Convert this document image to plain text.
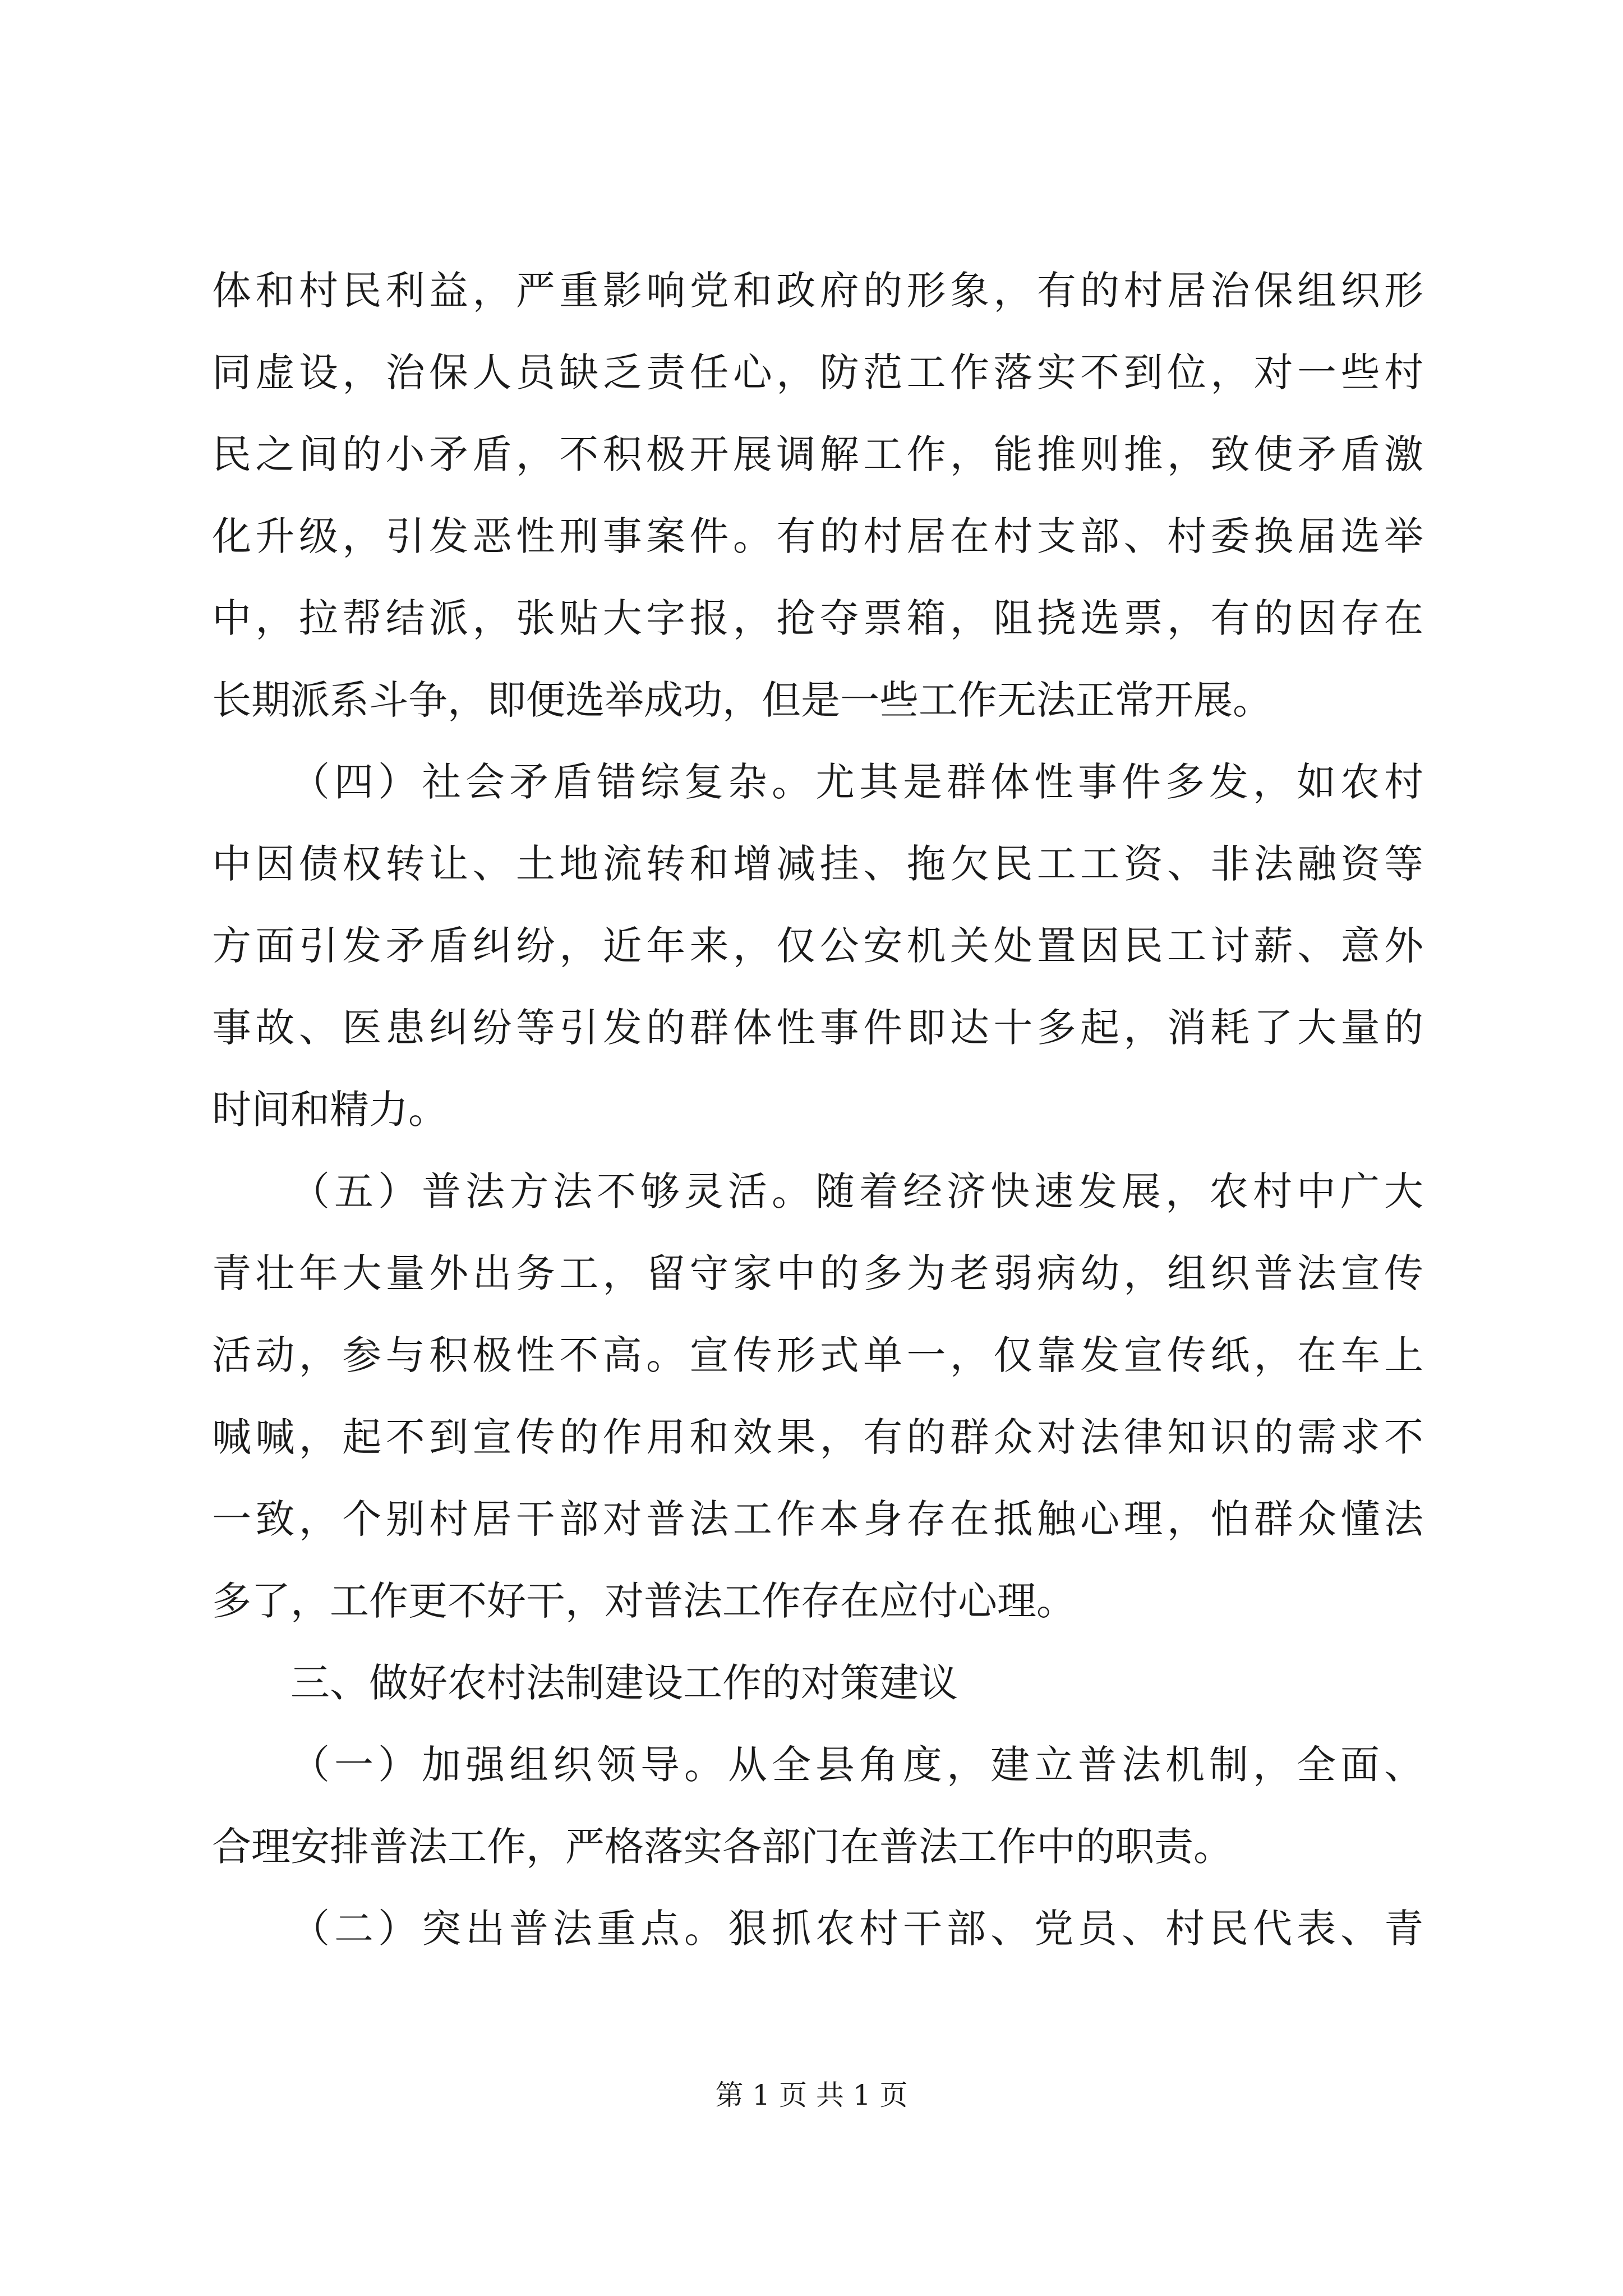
体和村民利益，严重影响党和政府的形象，有的村居治保组织形
同虚设，治保人员缺乏责任心，防范工作落实不到位，对一些村
民之间的小矛盾，不积极开展调解工作，能推则推，致使矛盾激
化升级，引发恶性刑事案件。有的村居在村支部、村委换届选举
中，拉帮结派，张贴大字报，抢夺票箱，阻挠选票，有的因存在
长期派系斗争，即便选举成功，但是一些工作无法正常开展。
（四）社会矛盾错综复杂。尤其是群体性事件多发，如农村
中因债权转让、土地流转和增减挂、拖欠民工工资、非法融资等
方面引发矛盾纠纷，近年来，仅公安机关处置因民工讨薪、意外
事故、医患纠纷等引发的群体性事件即达十多起，消耗了大量的
时间和精力。
（五）普法方法不够灵活。随着经济快速发展，农村中广大
青壮年大量外出务工，留守家中的多为老弱病幼，组织普法宣传
活动，参与积极性不高。宣传形式单一，仅靠发宣传纸，在车上
喊喊，起不到宣传的作用和效果，有的群众对法律知识的需求不
一致，个别村居干部对普法工作本身存在抵触心理，怕群众懂法
多了，工作更不好干，对普法工作存在应付心理。
三、做好农村法制建设工作的对策建议
（一）加强组织领导。从全县角度，建立普法机制，全面、
合理安排普法工作，严格落实各部门在普法工作中的职责。
（二）突出普法重点。狠抓农村干部、党员、村民代表、青
第 1 页 共 1 页
